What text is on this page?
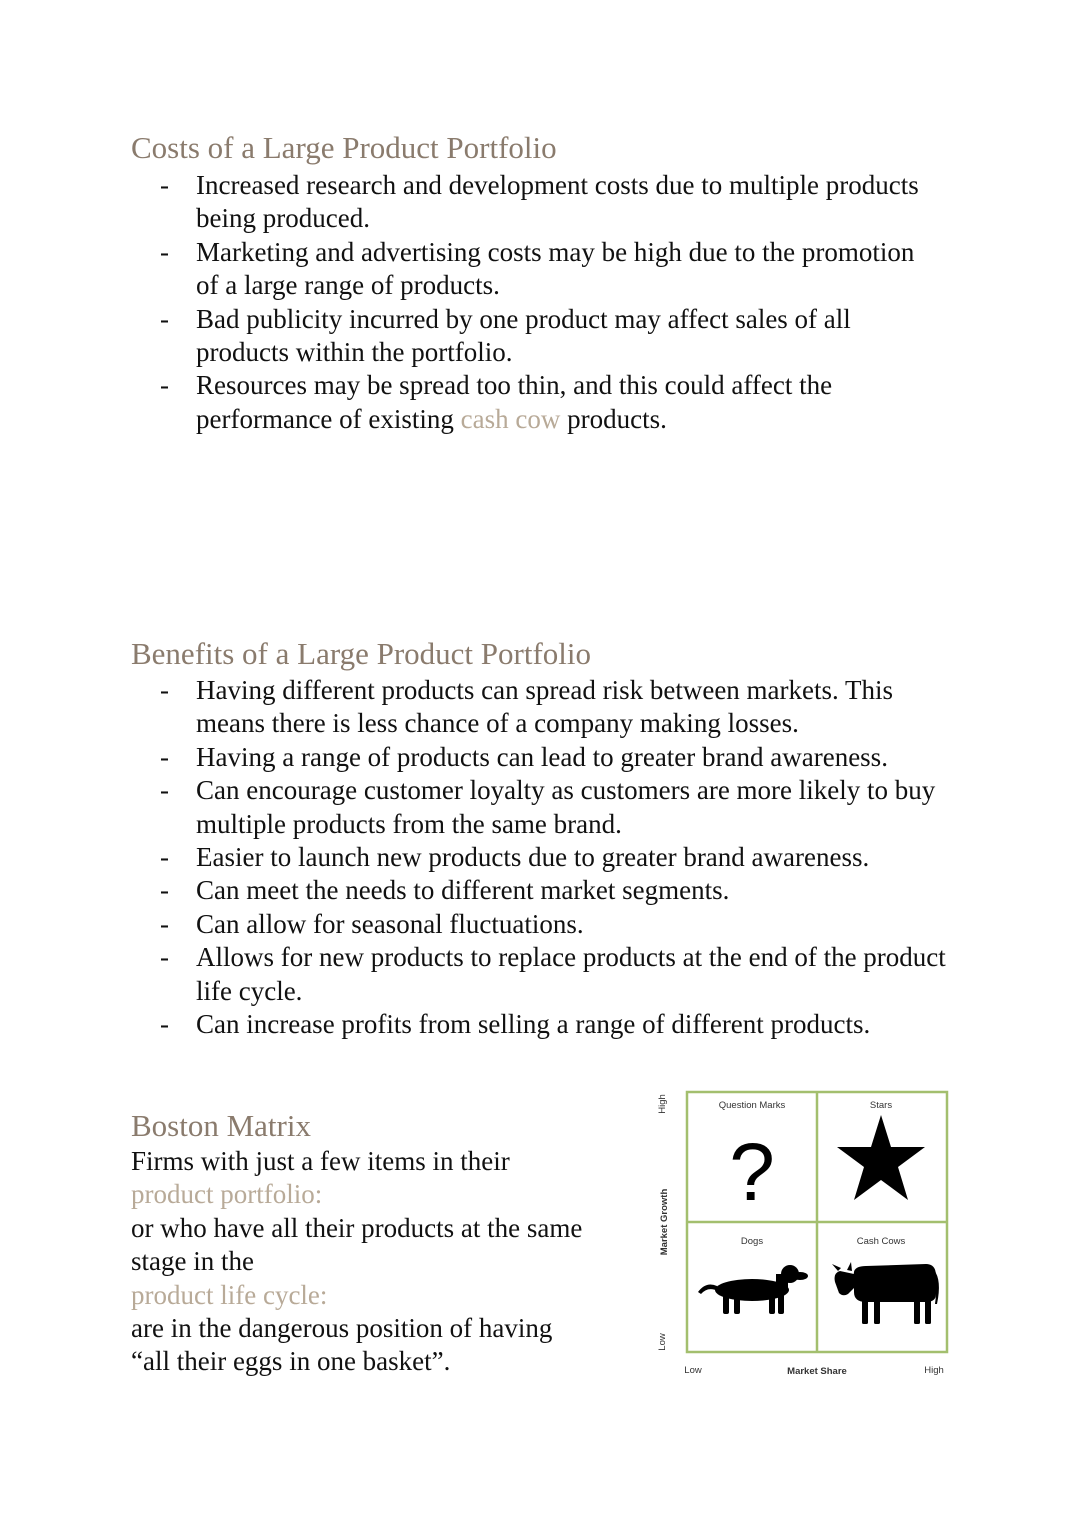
Costs of a Large Product Portfolio
- Increased research and development costs due to multiple products being produced.
- Marketing and advertising costs may be high due to the promotion of a large range of products.
- Bad publicity incurred by one product may affect sales of all products within the portfolio.
- Resources may be spread too thin, and this could affect the performance of existing cash cow products.
Benefits of a Large Product Portfolio
- Having different products can spread risk between markets. This means there is less chance of a company making losses.
- Having a range of products can lead to greater brand awareness.
- Can encourage customer loyalty as customers are more likely to buy multiple products from the same brand.
- Easier to launch new products due to greater brand awareness.
- Can meet the needs to different market segments.
- Can allow for seasonal fluctuations.
- Allows for new products to replace products at the end of the product life cycle.
- Can increase profits from selling a range of different products.
Boston Matrix
Firms with just a few items in their
product portfolio:
or who have all their products at the same
stage in the
product life cycle:
are in the dangerous position of having
“all their eggs in one basket”.
Question Marks	Stars
Dogs	Cash Cows
?
High
Market Growth
Low
Low	Market Share	High
